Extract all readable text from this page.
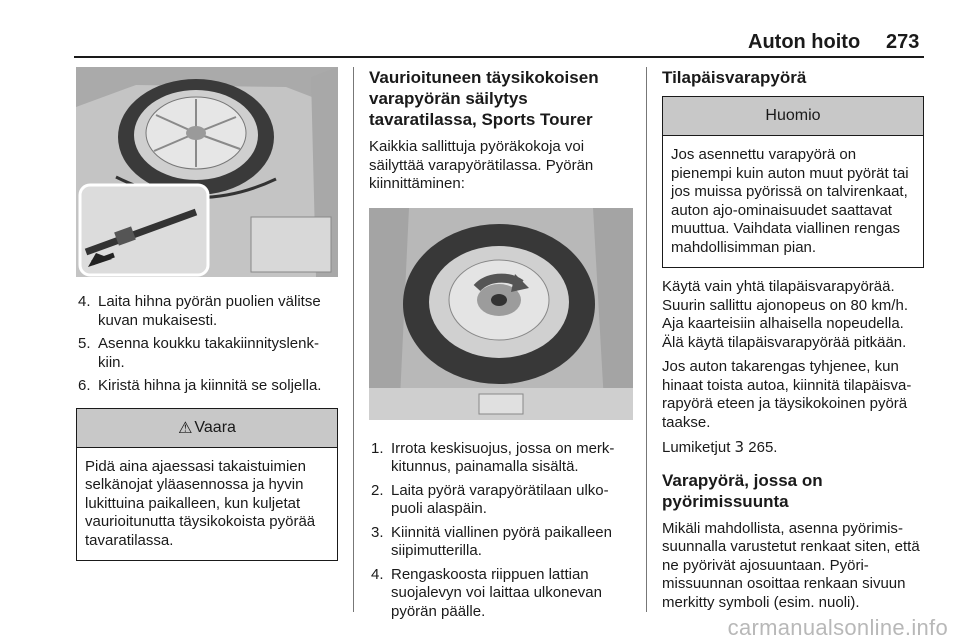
Auton hoito 273
4. Laita hihna pyörän puolien välitse kuvan mukaisesti.
5. Asenna koukku takakiinnityslenkkiin.
6. Kiristä hihna ja kiinnitä se soljella.
⚠ Vaara
Pidä aina ajaessasi takaistuimien selkänojat yläasennossa ja hyvin lukittuina paikalleen, kun kuljetat vaurioitunutta täysikokoista pyörää tavaratilassa.
Vaurioituneen täysikokoisen varapyörän säilytys tavaratilassa, Sports Tourer

Kaikkia sallittuja pyöräkokoja voi säilyttää varapyörätilassa. Pyörän kiinnittäminen:

1. Irrota keskisuojus, jossa on merkkitunnus, painamalla sisältä.
2. Laita pyörä varapyörätilaan ulkopuoli alaspäin.
3. Kiinnitä viallinen pyörä paikalleen siipimutterilla.
4. Rengaskoosta riippuen lattian suojalevyn voi laittaa ulkonevan pyörän päälle.
Tilapäisvarapyörä
Huomio
Jos asennettu varapyörä on pienempi kuin auton muut pyörät tai jos muissa pyörissä on talvirenkaat, auton ajo-ominaisuudet saattavat muuttua. Vaihdata viallinen rengas mahdollisimman pian.

Käytä vain yhtä tilapäisvarapyörää. Suurin sallittu ajonopeus on 80 km/h. Aja kaarteisiin alhaisella nopeudella. Älä käytä tilapäisvarapyörää pitkään.

Jos auton takarengas tyhjenee, kun hinaat toista autoa, kiinnitä tilapäisvarapyörä eteen ja täysikokoinen pyörä taakse.

Lumiketjut 3 265.

Varapyörä, jossa on pyörimissuunta

Mikäli mahdollista, asenna pyörimissuunnalla varustetut renkaat siten, että ne pyörivät ajosuuntaan. Pyörimissuunnan osoittaa renkaan sivuun merkitty symboli (esim. nuoli).

carmanualsonline.info
